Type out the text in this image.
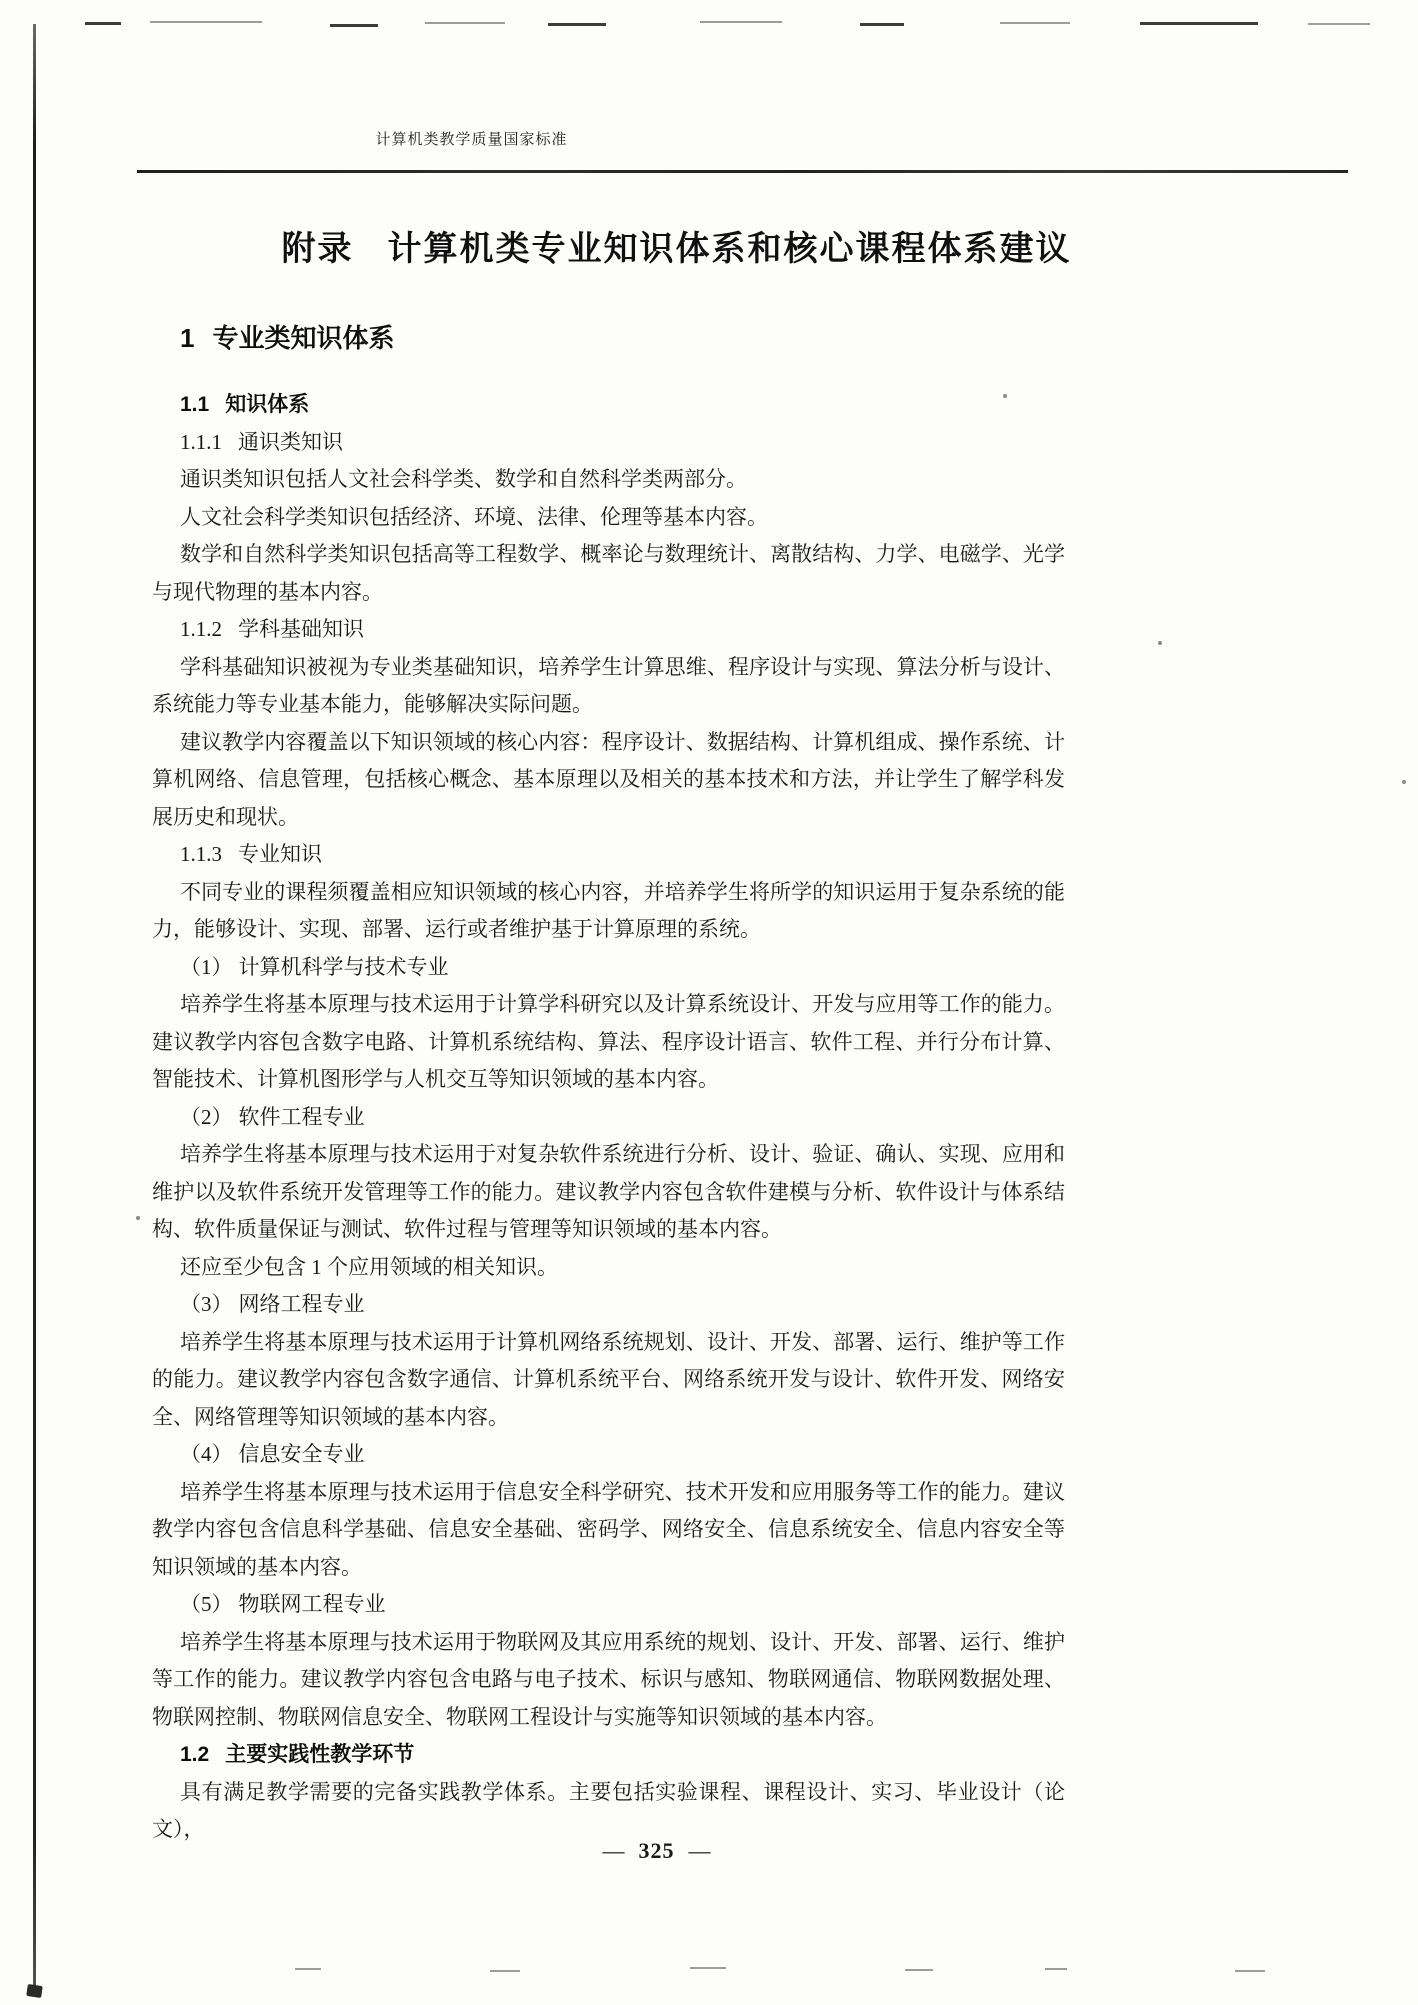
计算机类教学质量国家标准
附录 计算机类专业知识体系和核心课程体系建议
1 专业类知识体系
1.1 知识体系
1.1.1 通识类知识

通识类知识包括人文社会科学类、数学和自然科学类两部分。

人文社会科学类知识包括经济、环境、法律、伦理等基本内容。

数学和自然科学类知识包括高等工程数学、概率论与数理统计、离散结构、力学、电磁学、光学与现代物理的基本内容。

1.1.2 学科基础知识

学科基础知识被视为专业类基础知识，培养学生计算思维、程序设计与实现、算法分析与设计、系统能力等专业基本能力，能够解决实际问题。

建议教学内容覆盖以下知识领域的核心内容：程序设计、数据结构、计算机组成、操作系统、计算机网络、信息管理，包括核心概念、基本原理以及相关的基本技术和方法，并让学生了解学科发展历史和现状。

1.1.3 专业知识

不同专业的课程须覆盖相应知识领域的核心内容，并培养学生将所学的知识运用于复杂系统的能力，能够设计、实现、部署、运行或者维护基于计算原理的系统。

（1） 计算机科学与技术专业

培养学生将基本原理与技术运用于计算学科研究以及计算系统设计、开发与应用等工作的能力。建议教学内容包含数字电路、计算机系统结构、算法、程序设计语言、软件工程、并行分布计算、智能技术、计算机图形学与人机交互等知识领域的基本内容。

（2） 软件工程专业

培养学生将基本原理与技术运用于对复杂软件系统进行分析、设计、验证、确认、实现、应用和维护以及软件系统开发管理等工作的能力。建议教学内容包含软件建模与分析、软件设计与体系结构、软件质量保证与测试、软件过程与管理等知识领域的基本内容。

还应至少包含 1 个应用领域的相关知识。

（3） 网络工程专业

培养学生将基本原理与技术运用于计算机网络系统规划、设计、开发、部署、运行、维护等工作的能力。建议教学内容包含数字通信、计算机系统平台、网络系统开发与设计、软件开发、网络安全、网络管理等知识领域的基本内容。

（4） 信息安全专业

培养学生将基本原理与技术运用于信息安全科学研究、技术开发和应用服务等工作的能力。建议教学内容包含信息科学基础、信息安全基础、密码学、网络安全、信息系统安全、信息内容安全等知识领域的基本内容。

（5） 物联网工程专业

培养学生将基本原理与技术运用于物联网及其应用系统的规划、设计、开发、部署、运行、维护等工作的能力。建议教学内容包含电路与电子技术、标识与感知、物联网通信、物联网数据处理、物联网控制、物联网信息安全、物联网工程设计与实施等知识领域的基本内容。

1.2 主要实践性教学环节

具有满足教学需要的完备实践教学体系。主要包括实验课程、课程设计、实习、毕业设计（论文），

— 325 —
